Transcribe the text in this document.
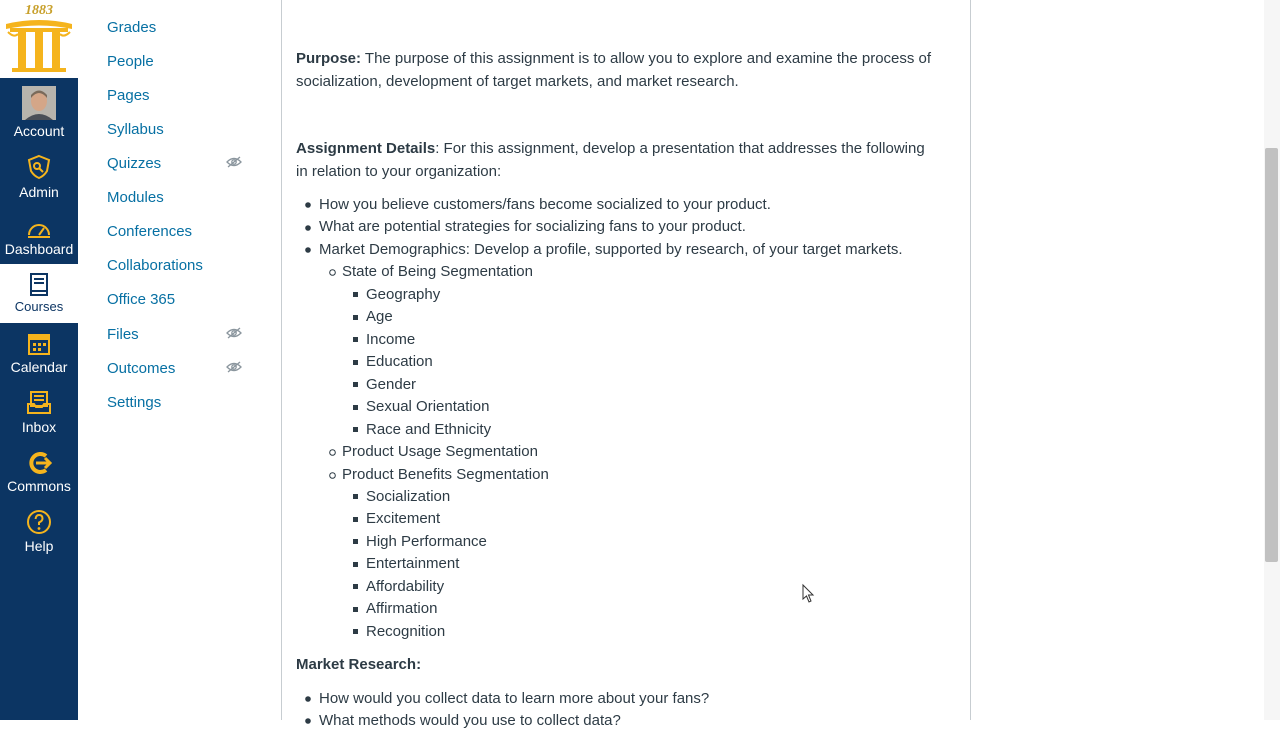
1883
Account
Admin
Dashboard
Courses
Calendar
Inbox
Commons
Help
Grades
People
Pages
Syllabus
Quizzes
Modules
Conferences
Collaborations
Office 365
Files
Outcomes
Settings

Purpose: The purpose of this assignment is to allow you to explore and examine the process of socialization, development of target markets, and market research.

Assignment Details: For this assignment, develop a presentation that addresses the following in relation to your organization:

How you believe customers/fans become socialized to your product.
What are potential strategies for socializing fans to your product.
Market Demographics: Develop a profile, supported by research, of your target markets.
State of Being Segmentation
Geography
Age
Income
Education
Gender
Sexual Orientation
Race and Ethnicity
Product Usage Segmentation
Product Benefits Segmentation
Socialization
Excitement
High Performance
Entertainment
Affordability
Affirmation
Recognition
Market Research:
How would you collect data to learn more about your fans?
What methods would you use to collect data?
